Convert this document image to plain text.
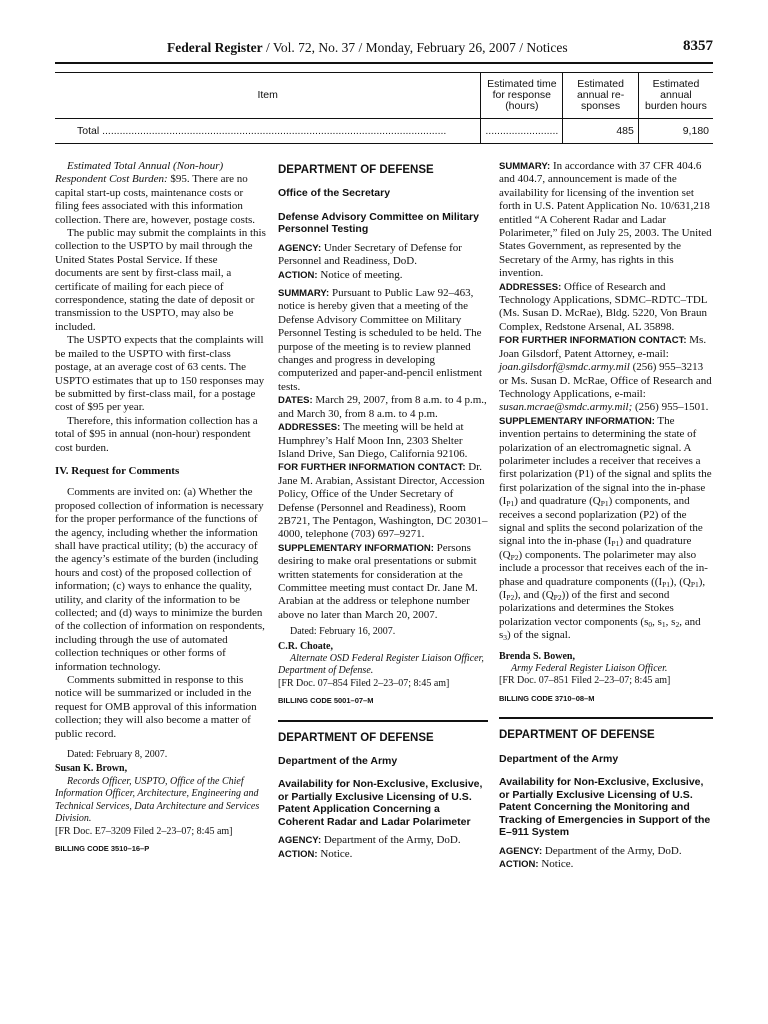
Federal Register / Vol. 72, No. 37 / Monday, February 26, 2007 / Notices	8357
Item	Estimated time for response (hours)	Estimated annual re- sponses	Estimated annual burden hours
Total ......................................................................................................................	.........................	485	9,180

Estimated Total Annual (Non-hour) Respondent Cost Burden: $95. There are no capital start-up costs, maintenance costs or filing fees associated with this information collection. There are, however, postage costs.

The public may submit the complaints in this collection to the USPTO by mail through the United States Postal Service. If these documents are sent by first-class mail, a certificate of mailing for each piece of correspondence, stating the date of deposit or transmission to the USPTO, may also be included.

The USPTO expects that the complaints will be mailed to the USPTO with first-class postage, at an average cost of 63 cents. The USPTO estimates that up to 150 responses may be submitted by first-class mail, for a postage cost of $95 per year.

Therefore, this information collection has a total of $95 in annual (non-hour) respondent cost burden.

IV. Request for Comments

Comments are invited on: (a) Whether the proposed collection of information is necessary for the proper performance of the functions of the agency, including whether the information shall have practical utility; (b) the accuracy of the agency’s estimate of the burden (including hours and cost) of the proposed collection of information; (c) ways to enhance the quality, utility, and clarity of the information to be collected; and (d) ways to minimize the burden of the collection of information on respondents, including through the use of automated collection techniques or other forms of information technology.

Comments submitted in response to this notice will be summarized or included in the request for OMB approval of this information collection; they will also become a matter of public record.

Dated: February 8, 2007.

Susan K. Brown,

Records Officer, USPTO, Office of the Chief Information Officer, Architecture, Engineering and Technical Services, Data Architecture and Services Division.

[FR Doc. E7–3209 Filed 2–23–07; 8:45 am]

BILLING CODE 3510–16–P

DEPARTMENT OF DEFENSE

Office of the Secretary

Defense Advisory Committee on Military Personnel Testing

AGENCY: Under Secretary of Defense for Personnel and Readiness, DoD.

ACTION: Notice of meeting.

SUMMARY: Pursuant to Public Law 92–463, notice is hereby given that a meeting of the Defense Advisory Committee on Military Personnel Testing is scheduled to be held. The purpose of the meeting is to review planned changes and progress in developing computerized and paper-and-pencil enlistment tests.

DATES: March 29, 2007, from 8 a.m. to 4 p.m., and March 30, from 8 a.m. to 4 p.m.

ADDRESSES: The meeting will be held at Humphrey’s Half Moon Inn, 2303 Shelter Island Drive, San Diego, California 92106.

FOR FURTHER INFORMATION CONTACT: Dr. Jane M. Arabian, Assistant Director, Accession Policy, Office of the Under Secretary of Defense (Personnel and Readiness), Room 2B721, The Pentagon, Washington, DC 20301–4000, telephone (703) 697–9271.

SUPPLEMENTARY INFORMATION: Persons desiring to make oral presentations or submit written statements for consideration at the Committee meeting must contact Dr. Jane M. Arabian at the address or telephone number above no later than March 20, 2007.

Dated: February 16, 2007.

C.R. Choate,

Alternate OSD Federal Register Liaison Officer, Department of Defense.

[FR Doc. 07–854 Filed 2–23–07; 8:45 am]

BILLING CODE 5001–07–M

DEPARTMENT OF DEFENSE

Department of the Army

Availability for Non-Exclusive, Exclusive, or Partially Exclusive Licensing of U.S. Patent Application Concerning a Coherent Radar and Ladar Polarimeter

AGENCY: Department of the Army, DoD.

ACTION: Notice.

SUMMARY: In accordance with 37 CFR 404.6 and 404.7, announcement is made of the availability for licensing of the invention set forth in U.S. Patent Application No. 10/631,218 entitled “A Coherent Radar and Ladar Polarimeter,” filed on July 25, 2003. The United States Government, as represented by the Secretary of the Army, has rights in this invention.

ADDRESSES: Office of Research and Technology Applications, SDMC–RDTC–TDL (Ms. Susan D. McRae), Bldg. 5220, Von Braun Complex, Redstone Arsenal, AL 35898.

FOR FURTHER INFORMATION CONTACT: Ms. Joan Gilsdorf, Patent Attorney, e-mail: joan.gilsdorf@smdc.army.mil (256) 955–3213 or Ms. Susan D. McRae, Office of Research and Technology Applications, e-mail: susan.mcrae@smdc.army.mil; (256) 955–1501.

SUPPLEMENTARY INFORMATION: The invention pertains to determining the state of polarization of an electromagnetic signal. A polarimeter includes a receiver that receives a first polarization (P1) of the signal and splits the first polarization of the signal into the in-phase $(I_{P1})$ and quadrature $(Q_{P1})$ components, and receives a second poplarization (P2) of the signal and splits the second polarization of the signal into the in-phase $(I_{P1})$ and quadrature $(Q_{P2})$ components. The polarimeter may also include a processor that receives each of the in-phase and quadrature components ($(I_{P1})$, $(Q_{P1})$, $(I_{P2})$, and $(Q_{P2})$) of the first and second polarizations and determines the Stokes polarization vector components ($s_0$, $s_1$, $s_2$, and $s_3$) of the signal.

Brenda S. Bowen,

Army Federal Register Liaison Officer.

[FR Doc. 07–851 Filed 2–23–07; 8:45 am]

BILLING CODE 3710–08–M

DEPARTMENT OF DEFENSE

Department of the Army

Availability for Non-Exclusive, Exclusive, or Partially Exclusive Licensing of U.S. Patent Concerning the Monitoring and Tracking of Emergencies in Support of the E–911 System

AGENCY: Department of the Army, DoD.

ACTION: Notice.
